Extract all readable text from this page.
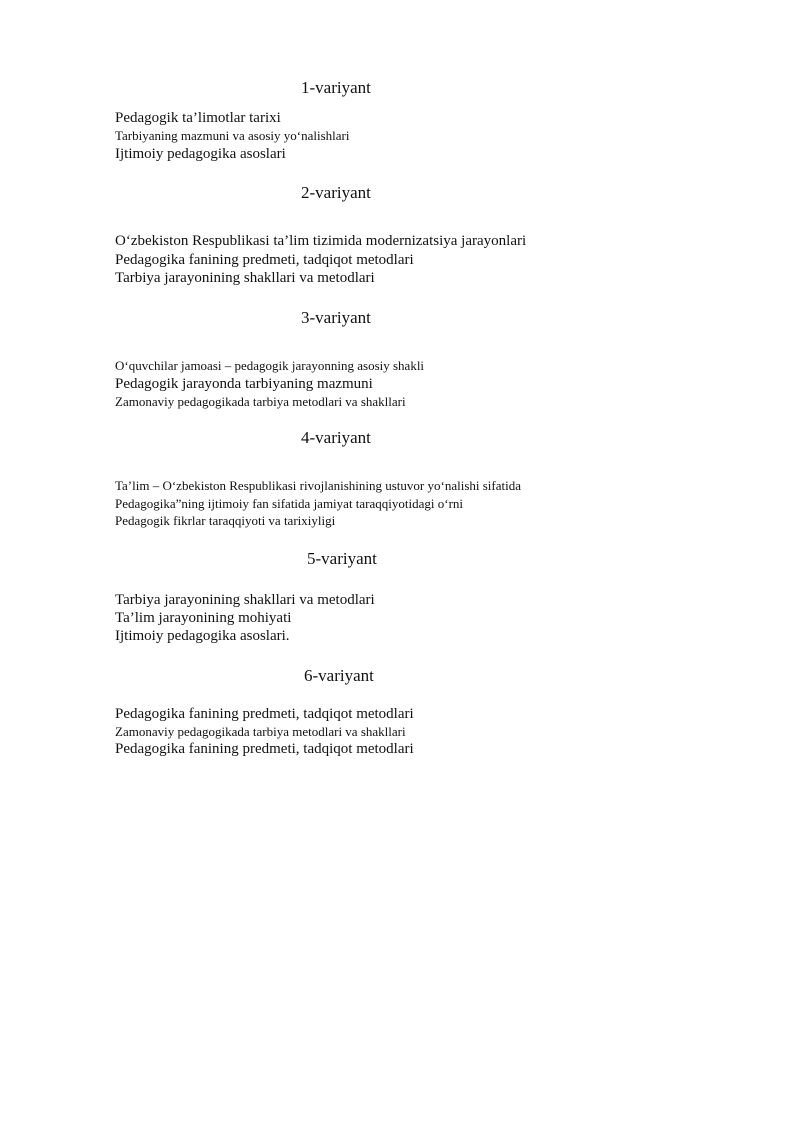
1-variyant
Pedagogik ta’limotlar tarixi
Tarbiyaning mazmuni va asosiy yo‘nalishlari
Ijtimoiy pedagogika asoslari
2-variyant
O‘zbekiston Respublikasi ta’lim tizimida modernizatsiya jarayonlari
Pedagogika fanining predmeti, tadqiqot metodlari
Tarbiya jarayonining shakllari va metodlari
3-variyant
O‘quvchilar jamoasi – pedagogik jarayonning asosiy shakli
Pedagogik jarayonda tarbiyaning mazmuni
Zamonaviy pedagogikada tarbiya metodlari va shakllari
4-variyant
Ta’lim – O‘zbekiston Respublikasi rivojlanishining ustuvor yo‘nalishi sifatida
Pedagogika”ning ijtimoiy fan sifatida jamiyat taraqqiyotidagi o‘rni
Pedagogik fikrlar taraqqiyoti va tarixiyligi
5-variyant
Tarbiya jarayonining shakllari va metodlari
Ta’lim jarayonining mohiyati
Ijtimoiy pedagogika asoslari.
6-variyant
Pedagogika fanining predmeti, tadqiqot metodlari
Zamonaviy pedagogikada tarbiya metodlari va shakllari
Pedagogika fanining predmeti, tadqiqot metodlari
